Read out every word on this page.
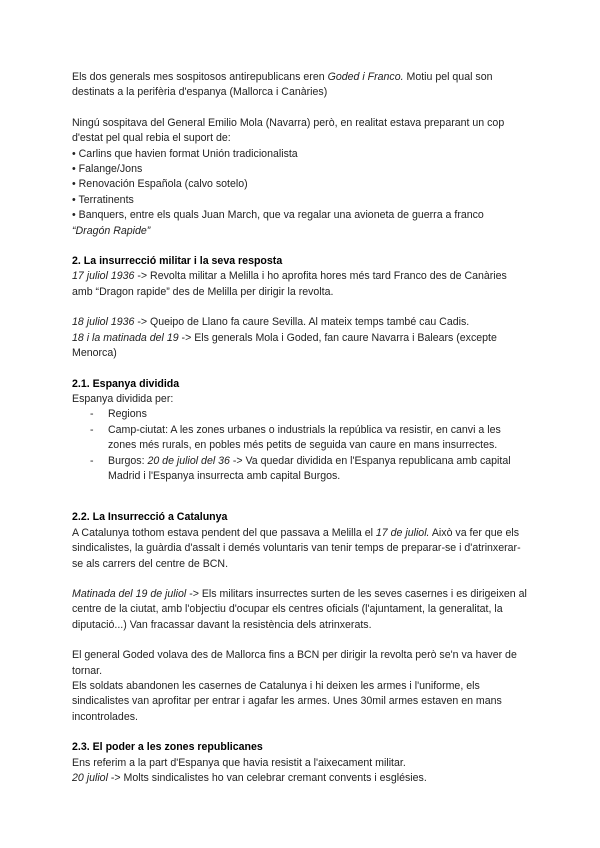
Els dos generals mes sospitosos antirepublicans eren Goded i Franco. Motiu pel qual son destinats a la perifèria d'espanya (Mallorca i Canàries)

Ningú sospitava del General Emilio Mola (Navarra) però, en realitat estava preparant un cop d'estat pel qual rebia el suport de:

• Carlins que havien format Unión tradicionalista
• Falange/Jons
• Renovación Española (calvo sotelo)
• Terratinents
• Banquers, entre els quals Juan March, que va regalar una avioneta de guerra a franco
“Dragón Rapide”
2. La insurrecció militar i la seva resposta

17 juliol 1936 -> Revolta militar a Melilla i ho aprofita hores més tard Franco des de Canàries amb “Dragon rapide” des de Melilla per dirigir la revolta.

18 juliol 1936 -> Queipo de Llano fa caure Sevilla. Al mateix temps també cau Cadis.

18 i la matinada del 19 -> Els generals Mola i Goded, fan caure Navarra i Balears (excepte Menorca)

2.1. Espanya dividida

Espanya dividida per:

- Regions
- Camp-ciutat: A les zones urbanes o industrials la república va resistir, en canvi a les zones més rurals, en pobles més petits de seguida van caure en mans insurrectes.
- Burgos: 20 de juliol del 36 -> Va quedar dividida en l'Espanya republicana amb capital Madrid i l'Espanya insurrecta amb capital Burgos.
2.2. La Insurrecció a Catalunya

A Catalunya tothom estava pendent del que passava a Melilla el 17 de juliol. Això va fer que els sindicalistes, la guàrdia d'assalt i demés voluntaris van tenir temps de preparar-se i d'atrinxerar-se als carrers del centre de BCN.

Matinada del 19 de juliol -> Els militars insurrectes surten de les seves casernes i es dirigeixen al centre de la ciutat, amb l'objectiu d'ocupar els centres oficials (l'ajuntament, la generalitat, la diputació...) Van fracassar davant la resistència dels atrinxerats.

El general Goded volava des de Mallorca fins a BCN per dirigir la revolta però se'n va haver de tornar.

Els soldats abandonen les casernes de Catalunya i hi deixen les armes i l'uniforme, els sindicalistes van aprofitar per entrar i agafar les armes. Unes 30mil armes estaven en mans incontrolades.

2.3. El poder a les zones republicanes

Ens referim a la part d'Espanya que havia resistit a l'aixecament militar.

20 juliol -> Molts sindicalistes ho van celebrar cremant convents i esglésies.
